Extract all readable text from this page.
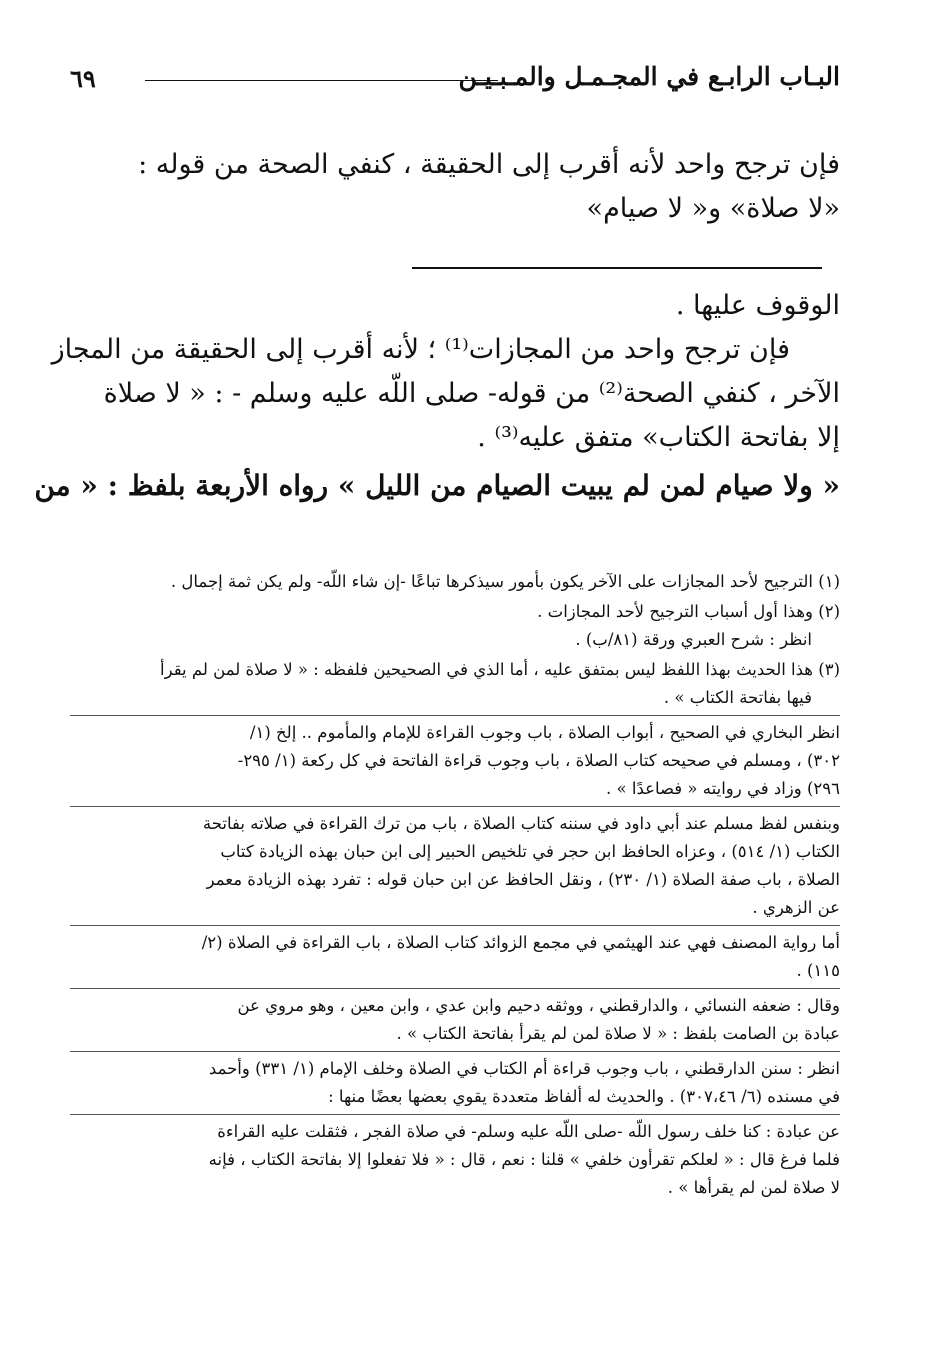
البـاب الرابـع في المجـمـل والمـبـيـن
٦٩
فإن ترجح واحد لأنه أقرب إلى الحقيقة ، كنفي الصحة من قوله :
«لا صلاة» و« لا صيام»
الوقوف عليها .
فإن ترجح واحد من المجازات⁽¹⁾ ؛ لأنه أقرب إلى الحقيقة من المجاز
الآخر ، كنفي الصحة⁽²⁾ من قوله- صلى اللّه عليه وسلم - : « لا صلاة
إلا بفاتحة الكتاب» متفق عليه⁽³⁾ .
« ولا صيام لمن لم يبيت الصيام من الليل » رواه الأربعة بلفظ : « من
(١) الترجيح لأحد المجازات على الآخر يكون بأمور سيذكرها تباعًا -إن شاء اللّه- ولم يكن ثمة إجمال .
(٢) وهذا أول أسباب الترجيح لأحد المجازات .
انظر : شرح العبري ورقة (٨١/ب) .
(٣) هذا الحديث بهذا اللفظ ليس بمتفق عليه ، أما الذي في الصحيحين فلفظه : « لا صلاة لمن لم يقرأ
فيها بفاتحة الكتاب » .
انظر البخاري في الصحيح ، أبواب الصلاة ، باب وجوب القراءة للإمام والمأموم .. إلخ (١/
٣٠٢) ، ومسلم في صحيحه كتاب الصلاة ، باب وجوب قراءة الفاتحة في كل ركعة (١/ ٢٩٥-
٢٩٦) وزاد في روايته « فصاعدًا » .
وبنفس لفظ مسلم عند أبي داود في سننه كتاب الصلاة ، باب من ترك القراءة في صلاته بفاتحة
الكتاب (١/ ٥١٤) ، وعزاه الحافظ ابن حجر في تلخيص الحبير إلى ابن حبان بهذه الزيادة كتاب
الصلاة ، باب صفة الصلاة (١/ ٢٣٠) ، ونقل الحافظ عن ابن حبان قوله : تفرد بهذه الزيادة معمر
عن الزهري .
أما رواية المصنف فهي عند الهيثمي في مجمع الزوائد كتاب الصلاة ، باب القراءة في الصلاة (٢/
١١٥) .
وقال : ضعفه النسائي ، والدارقطني ، ووثقه دحيم وابن عدي ، وابن معين ، وهو مروي عن
عبادة بن الصامت بلفظ : « لا صلاة لمن لم يقرأ بفاتحة الكتاب » .
انظر : سنن الدارقطني ، باب وجوب قراءة أم الكتاب في الصلاة وخلف الإمام (١/ ٣٣١) وأحمد
في مسنده (٦/ ٣٠٧،٤٦) . والحديث له ألفاظ متعددة يقوي بعضها بعضًا منها :
عن عبادة : كنا خلف رسول اللّه -صلى اللّه عليه وسلم- في صلاة الفجر ، فثقلت عليه القراءة
فلما فرغ قال : « لعلكم تقرأون خلفي » قلنا : نعم ، قال : « فلا تفعلوا إلا بفاتحة الكتاب ، فإنه
لا صلاة لمن لم يقرأها » .
